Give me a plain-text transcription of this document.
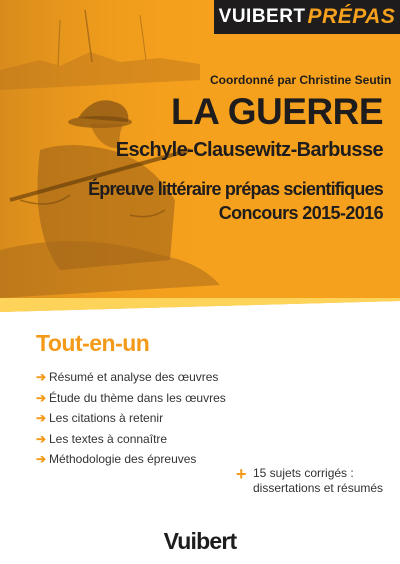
VUIBERT PRÉPAS
Coordonné par Christine Seutin
LA GUERRE
Eschyle-Clausewitz-Barbusse
Épreuve littéraire prépas scientifiques
Concours 2015-2016
Tout-en-un
➔ Résumé et analyse des œuvres
➔ Étude du thème dans les œuvres
➔ Les citations à retenir
➔ Les textes à connaître
➔ Méthodologie des épreuves
+ 15 sujets corrigés :
dissertations et résumés
Vuibert
